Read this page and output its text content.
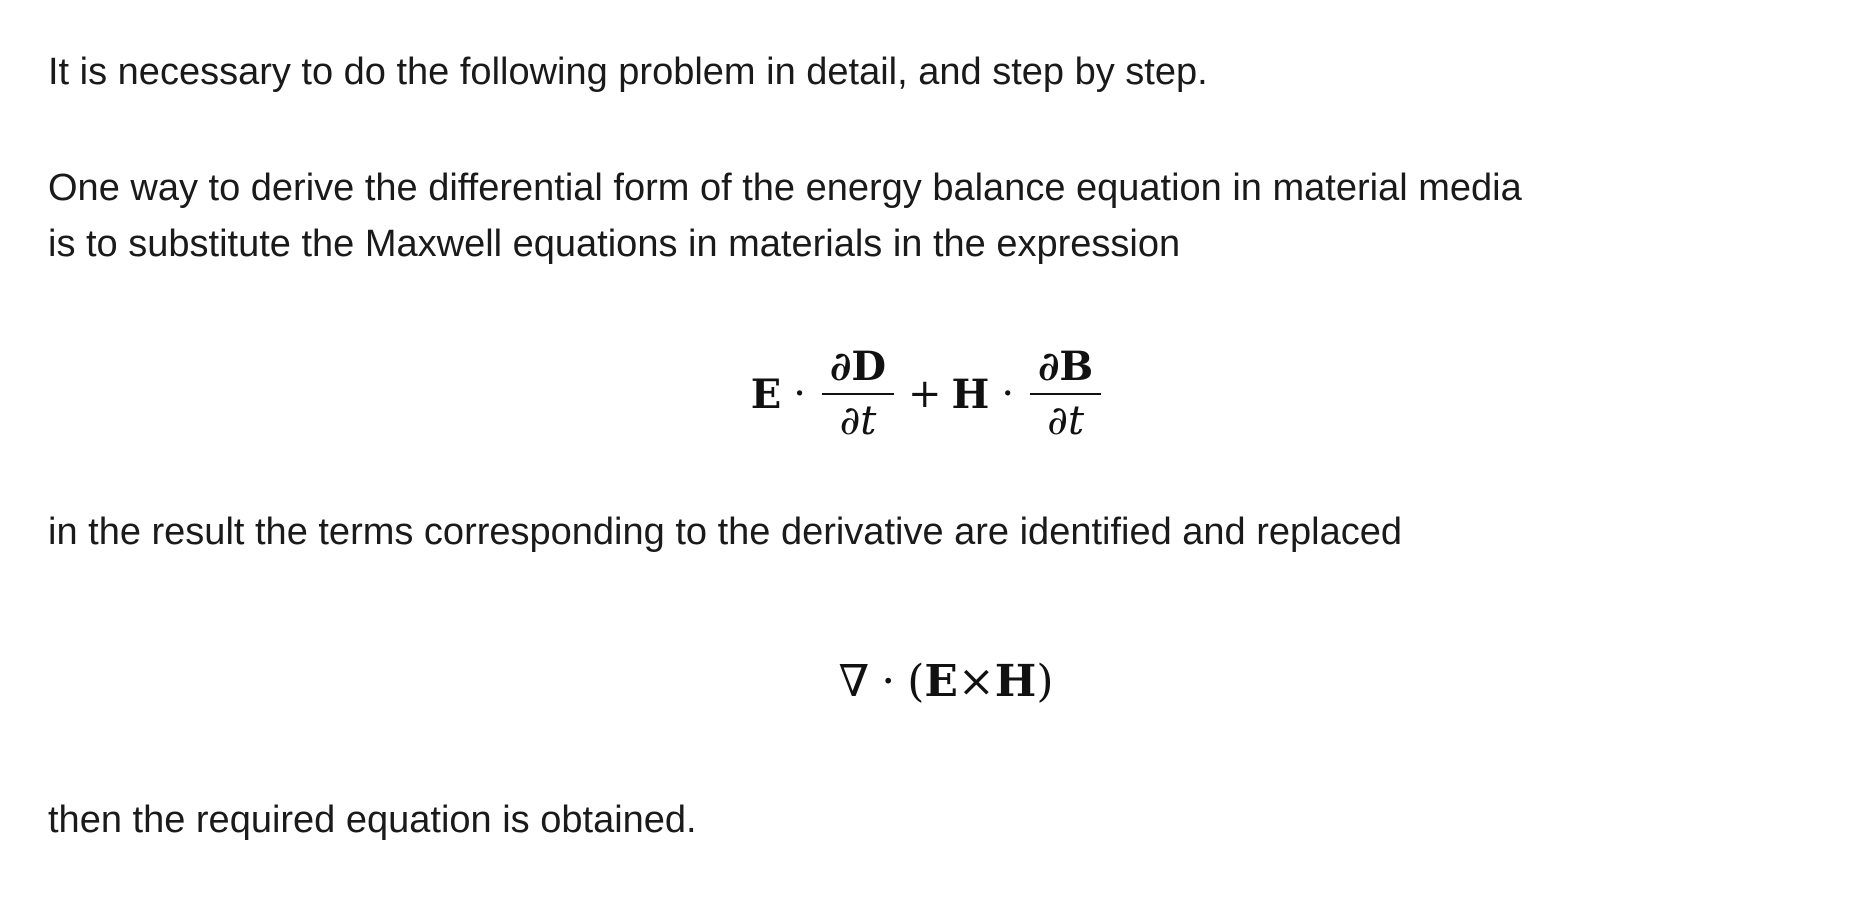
It is necessary to do the following problem in detail, and step by step.

One way to derive the differential form of the energy balance equation in material media
is to substitute the Maxwell equations in materials in the expression

$E \cdot \frac{\partial D}{\partial t} + H \cdot \frac{\partial B}{\partial t}$

in the result the terms corresponding to the derivative are identified and replaced

∇ · ( E × H )

then the required equation is obtained.
